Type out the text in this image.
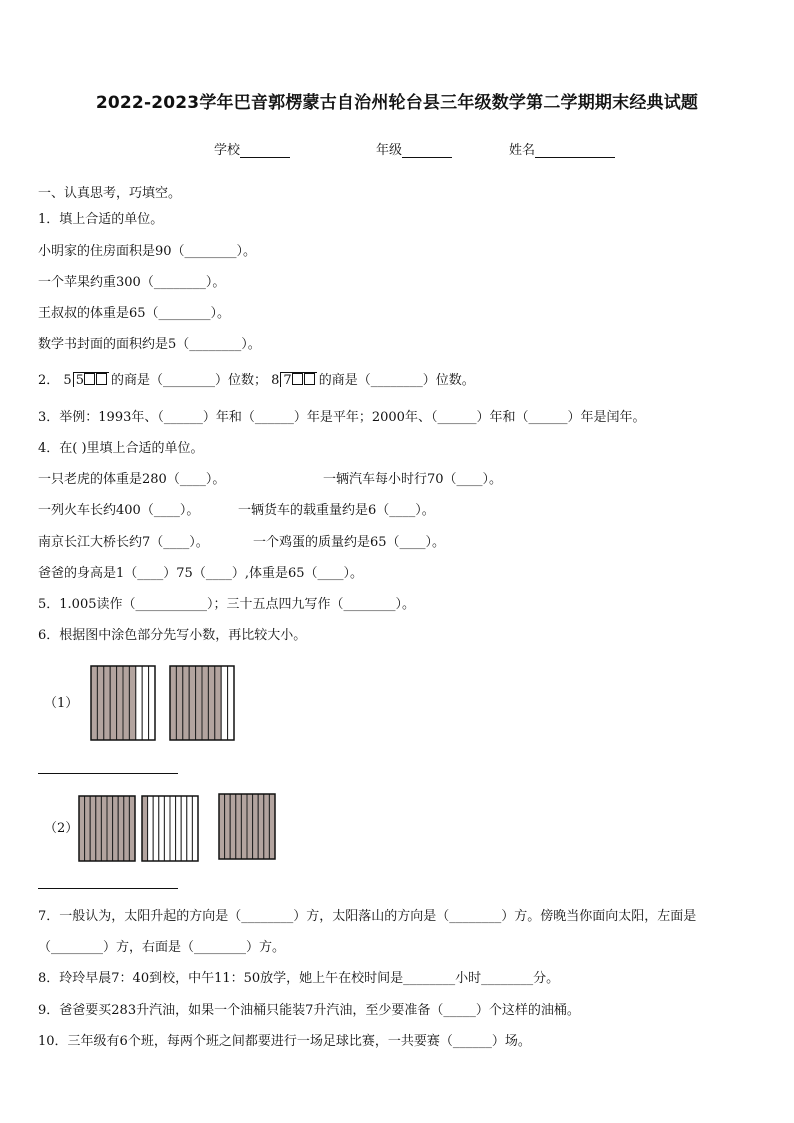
2022-2023学年巴音郭楞蒙古自治州轮台县三年级数学第二学期期末经典试题
学校	年级	姓名
一、认真思考，巧填空。
1．填上合适的单位。
小明家的住房面积是90（________）。
一个苹果约重300（________）。
王叔叔的体重是65（________）。
数学书封面的面积约是5（________）。
2． 5 5 的商是（________）位数； 8 7 的商是（________）位数。
3．举例：1993年、（______）年和（______）年是平年；2000年、（______）年和（______）年是闰年。
4．在( )里填上合适的单位。
一只老虎的体重是280（____）。	一辆汽车每小时行70（____）。
一列火车长约400（____）。	一辆货车的载重量约是6（____）。
南京长江大桥长约7（____）。	一个鸡蛋的质量约是65（____）。
爸爸的身高是1（____）75（____）,体重是65（____）。
5．1.005读作（___________）；三十五点四九写作（________）。
6．根据图中涂色部分先写小数，再比较大小。
（1）
（2）
7．一般认为，太阳升起的方向是（________）方，太阳落山的方向是（________）方。傍晚当你面向太阳，左面是
（________）方，右面是（________）方。
8．玲玲早晨7：40到校，中午11：50放学，她上午在校时间是________小时________分。
9．爸爸要买283升汽油，如果一个油桶只能装7升汽油，至少要准备（_____）个这样的油桶。
10．三年级有6个班，每两个班之间都要进行一场足球比赛，一共要赛（______）场。
